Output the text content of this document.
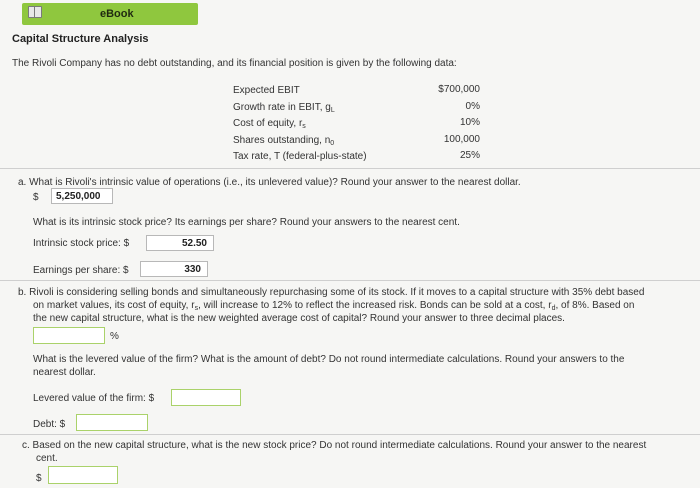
eBook
Capital Structure Analysis
The Rivoli Company has no debt outstanding, and its financial position is given by the following data:
Expected EBIT	$700,000
Growth rate in EBIT, $g_L$	0%
Cost of equity, $r_s$	10%
Shares outstanding, $n_0$	100,000
Tax rate, T (federal-plus-state)	25%
a. What is Rivoli's intrinsic value of operations (i.e., its unlevered value)? Round your answer to the nearest dollar.
$	5,250,000
What is its intrinsic stock price? Its earnings per share? Round your answers to the nearest cent.
Intrinsic stock price: $	52.50
Earnings per share: $	330
b. Rivoli is considering selling bonds and simultaneously repurchasing some of its stock. If it moves to a capital structure with 35% debt based
on market values, its cost of equity, $r_s$, will increase to 12% to reflect the increased risk. Bonds can be sold at a cost, $r_d$, of 8%. Based on
the new capital structure, what is the new weighted average cost of capital? Round your answer to three decimal places.
%
What is the levered value of the firm? What is the amount of debt? Do not round intermediate calculations. Round your answers to the
nearest dollar.
Levered value of the firm: $
Debt: $
c. Based on the new capital structure, what is the new stock price? Do not round intermediate calculations. Round your answer to the nearest
cent.
$
